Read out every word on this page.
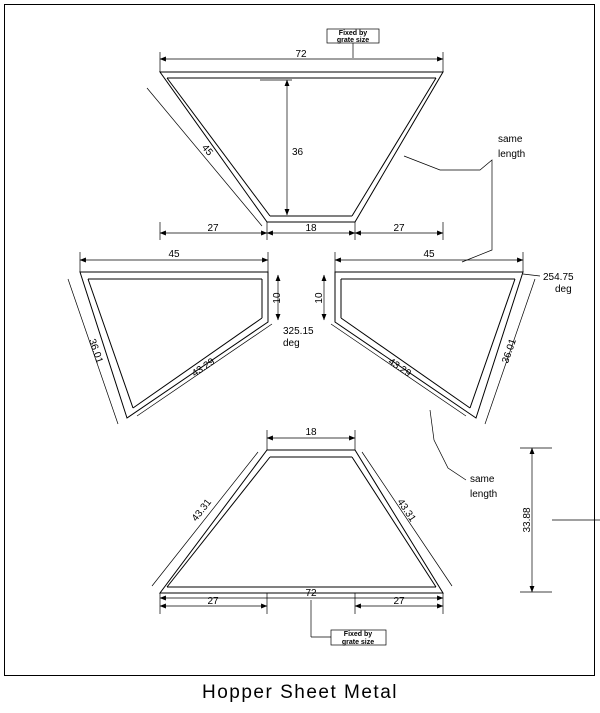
72
Fixed by
grate size
36
45
27	18	27
same
length
45
10
36.01
43.29
325.15
deg
45
10
36.01
43.29
254.75
deg
18
43.31	43.31
27
72
27
Fixed by
grate size
same
length
33.88
Hopper Sheet Metal
